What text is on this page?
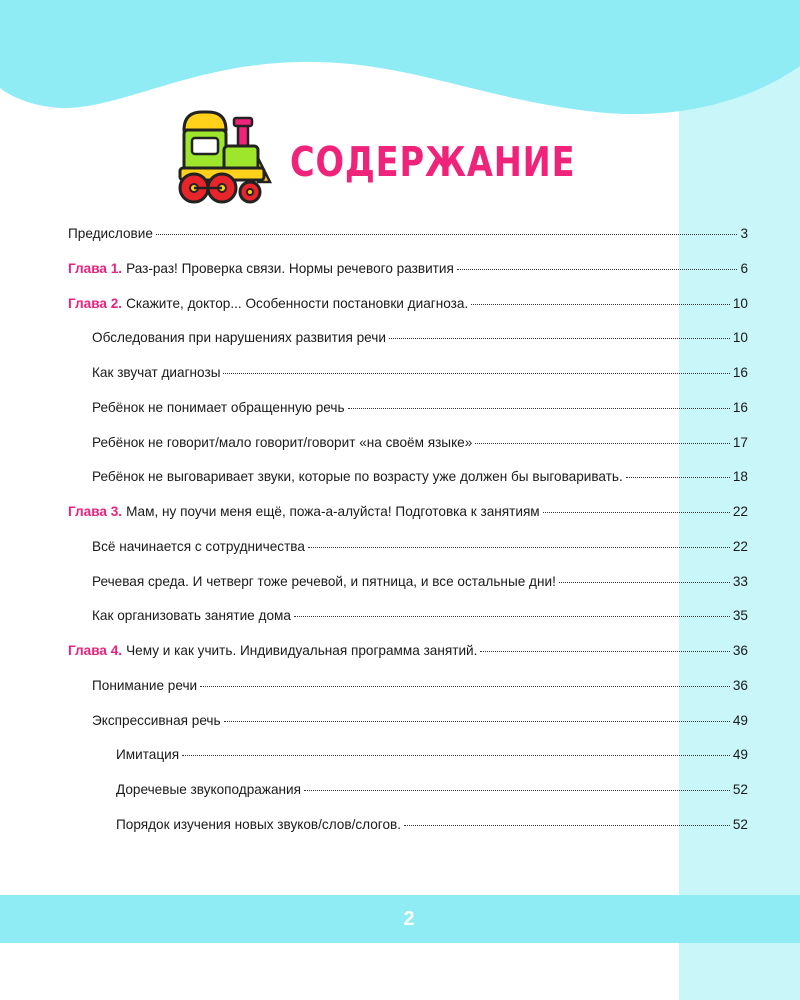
СОДЕРЖАНИЕ
Предисловие	3
Глава 1. Раз-раз! Проверка связи. Нормы речевого развития	6
Глава 2. Скажите, доктор... Особенности постановки диагноза.	10
Обследования при нарушениях развития речи	10
Как звучат диагнозы	16
Ребёнок не понимает обращенную речь	16
Ребёнок не говорит/мало говорит/говорит «на своём языке»	17
Ребёнок не выговаривает звуки, которые по возрасту уже должен бы выговаривать.	18
Глава 3. Мам, ну поучи меня ещё, пожа-а-алуйста! Подготовка к занятиям	22
Всё начинается с сотрудничества	22
Речевая среда. И четверг тоже речевой, и пятница, и все остальные дни!	33
Как организовать занятие дома	35
Глава 4. Чему и как учить. Индивидуальная программа занятий.	36
Понимание речи	36
Экспрессивная речь	49
Имитация	49
Доречевые звукоподражания	52
Порядок изучения новых звуков/слов/слогов.	52
2
